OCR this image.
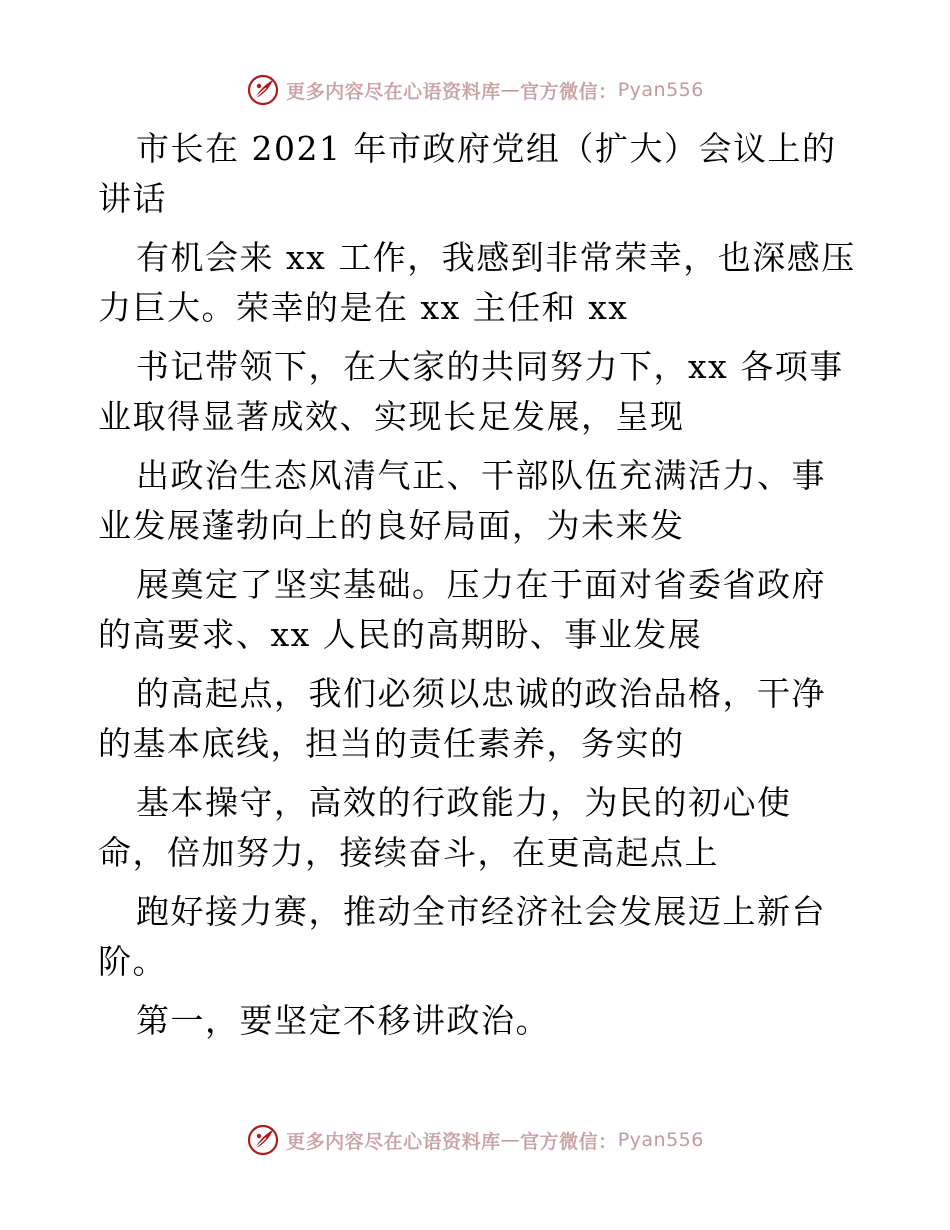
更多内容尽在心语资料库 — 官方微信： Pyan556

市长在 2021 年市政府党组（扩大）会议上的讲话

有机会来 xx 工作，我感到非常荣幸，也深感压力巨大。荣幸的是在 xx 主任和 xx

书记带领下，在大家的共同努力下，xx 各项事业取得显著成效、实现长足发展，呈现

出政治生态风清气正、干部队伍充满活力、事业发展蓬勃向上的良好局面，为未来发

展奠定了坚实基础。压力在于面对省委省政府的高要求、xx 人民的高期盼、事业发展

的高起点，我们必须以忠诚的政治品格，干净的基本底线，担当的责任素养，务实的

基本操守，高效的行政能力，为民的初心使命，倍加努力，接续奋斗，在更高起点上

跑好接力赛，推动全市经济社会发展迈上新台阶。

第一，要坚定不移讲政治。

更多内容尽在心语资料库 — 官方微信： Pyan556
